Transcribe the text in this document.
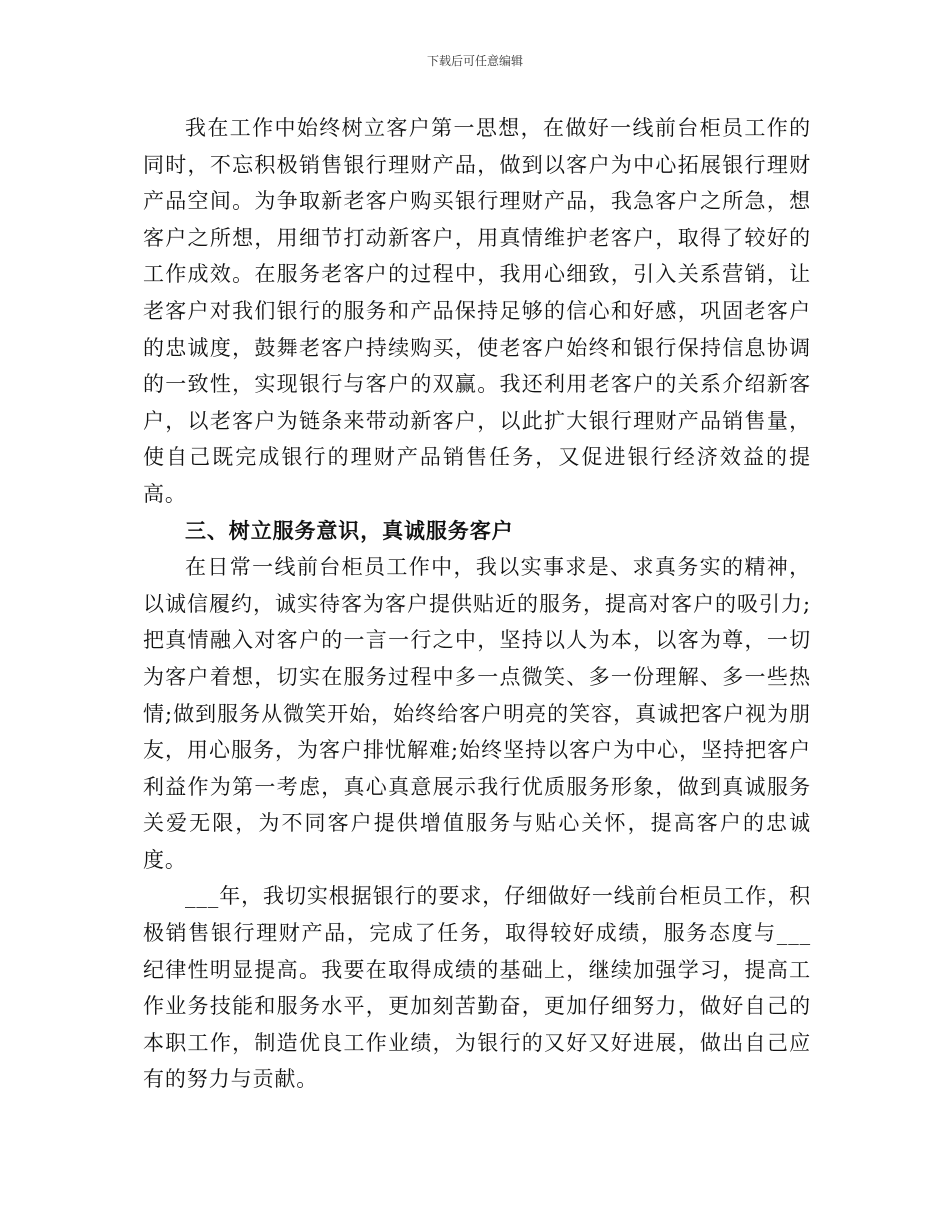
下载后可任意编辑

我在工作中始终树立客户第一思想，在做好一线前台柜员工作的同时，不忘积极销售银行理财产品，做到以客户为中心拓展银行理财产品空间。为争取新老客户购买银行理财产品，我急客户之所急，想客户之所想，用细节打动新客户，用真情维护老客户，取得了较好的工作成效。在服务老客户的过程中，我用心细致，引入关系营销，让老客户对我们银行的服务和产品保持足够的信心和好感，巩固老客户的忠诚度，鼓舞老客户持续购买，使老客户始终和银行保持信息协调的一致性，实现银行与客户的双赢。我还利用老客户的关系介绍新客户，以老客户为链条来带动新客户，以此扩大银行理财产品销售量，使自己既完成银行的理财产品销售任务，又促进银行经济效益的提高。

三、树立服务意识，真诚服务客户

在日常一线前台柜员工作中，我以实事求是、求真务实的精神，以诚信履约，诚实待客为客户提供贴近的服务，提高对客户的吸引力;把真情融入对客户的一言一行之中，坚持以人为本，以客为尊，一切为客户着想，切实在服务过程中多一点微笑、多一份理解、多一些热情;做到服务从微笑开始，始终给客户明亮的笑容，真诚把客户视为朋友，用心服务，为客户排忧解难;始终坚持以客户为中心，坚持把客户利益作为第一考虑，真心真意展示我行优质服务形象，做到真诚服务关爱无限，为不同客户提供增值服务与贴心关怀，提高客户的忠诚度。

___年，我切实根据银行的要求，仔细做好一线前台柜员工作，积极销售银行理财产品，完成了任务，取得较好成绩，服务态度与___纪律性明显提高。我要在取得成绩的基础上，继续加强学习，提高工作业务技能和服务水平，更加刻苦勤奋，更加仔细努力，做好自己的本职工作，制造优良工作业绩，为银行的又好又好进展，做出自己应有的努力与贡献。
